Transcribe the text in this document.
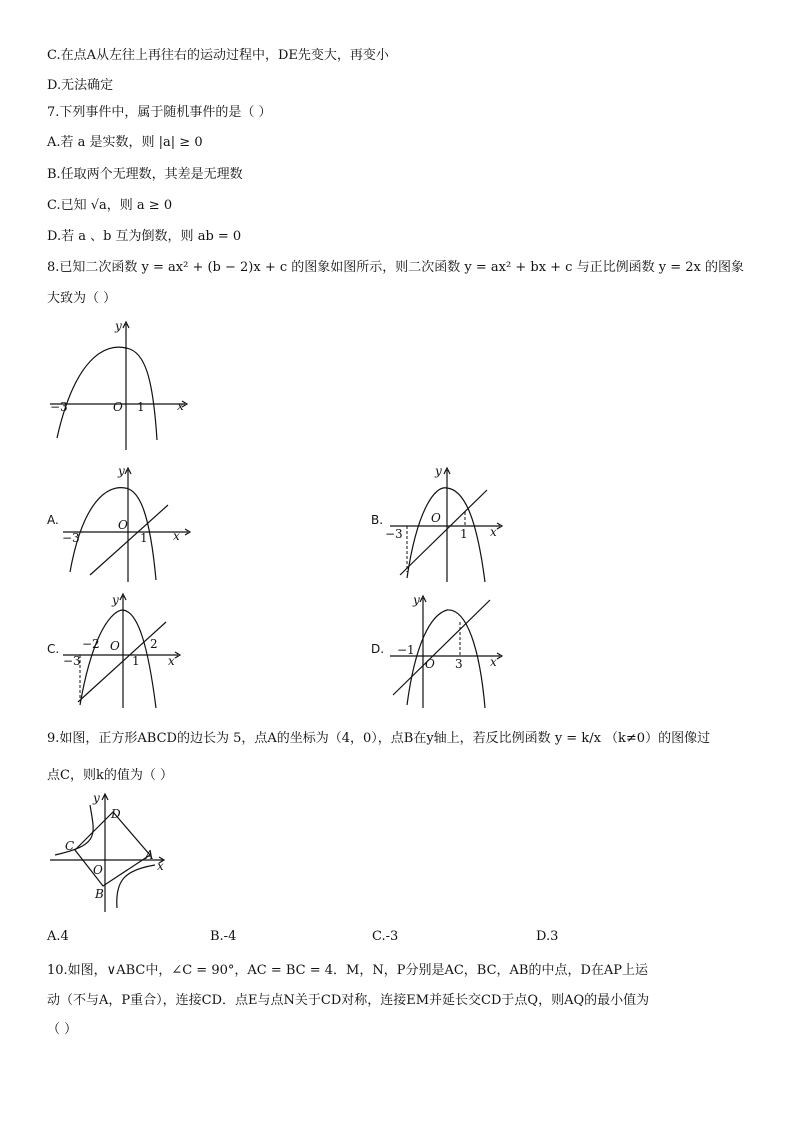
C.在点A从左往上再往右的运动过程中，DE先变大，再变小
D.无法确定
7.下列事件中，属于随机事件的是（ ）
A.若 a 是实数，则 |a| ≥ 0
B.任取两个无理数，其差是无理数
C.已知 √a，则 a ≥ 0
D.若 a 、b 互为倒数，则 ab = 0
8.已知二次函数 y = ax² + (b − 2)x + c 的图象如图所示，则二次函数 y = ax² + bx + c 与正比例函数 y = 2x 的图象
大致为（ ）
y
x
O
−3	1
A.
y
x
O
−3	1
B.
y
x
O
−3	1
C.
y
x
O
−3
−2
1
2	D.
y
x
O
−1
3
9.如图，正方形ABCD的边长为 5，点A的坐标为（4，0），点B在y轴上，若反比例函数 y = k/x （k≠0）的图像过
点C，则k的值为（ ）
y
x
O
A
B
C
D
A.4	B.-4	C.-3	D.3
10.如图，∨ABC中，∠C = 90°，AC = BC = 4．M，N，P分别是AC，BC，AB的中点，D在AP上运
动（不与A，P重合），连接CD．点E与点N关于CD对称，连接EM并延长交CD于点Q，则AQ的最小值为
（ ）
